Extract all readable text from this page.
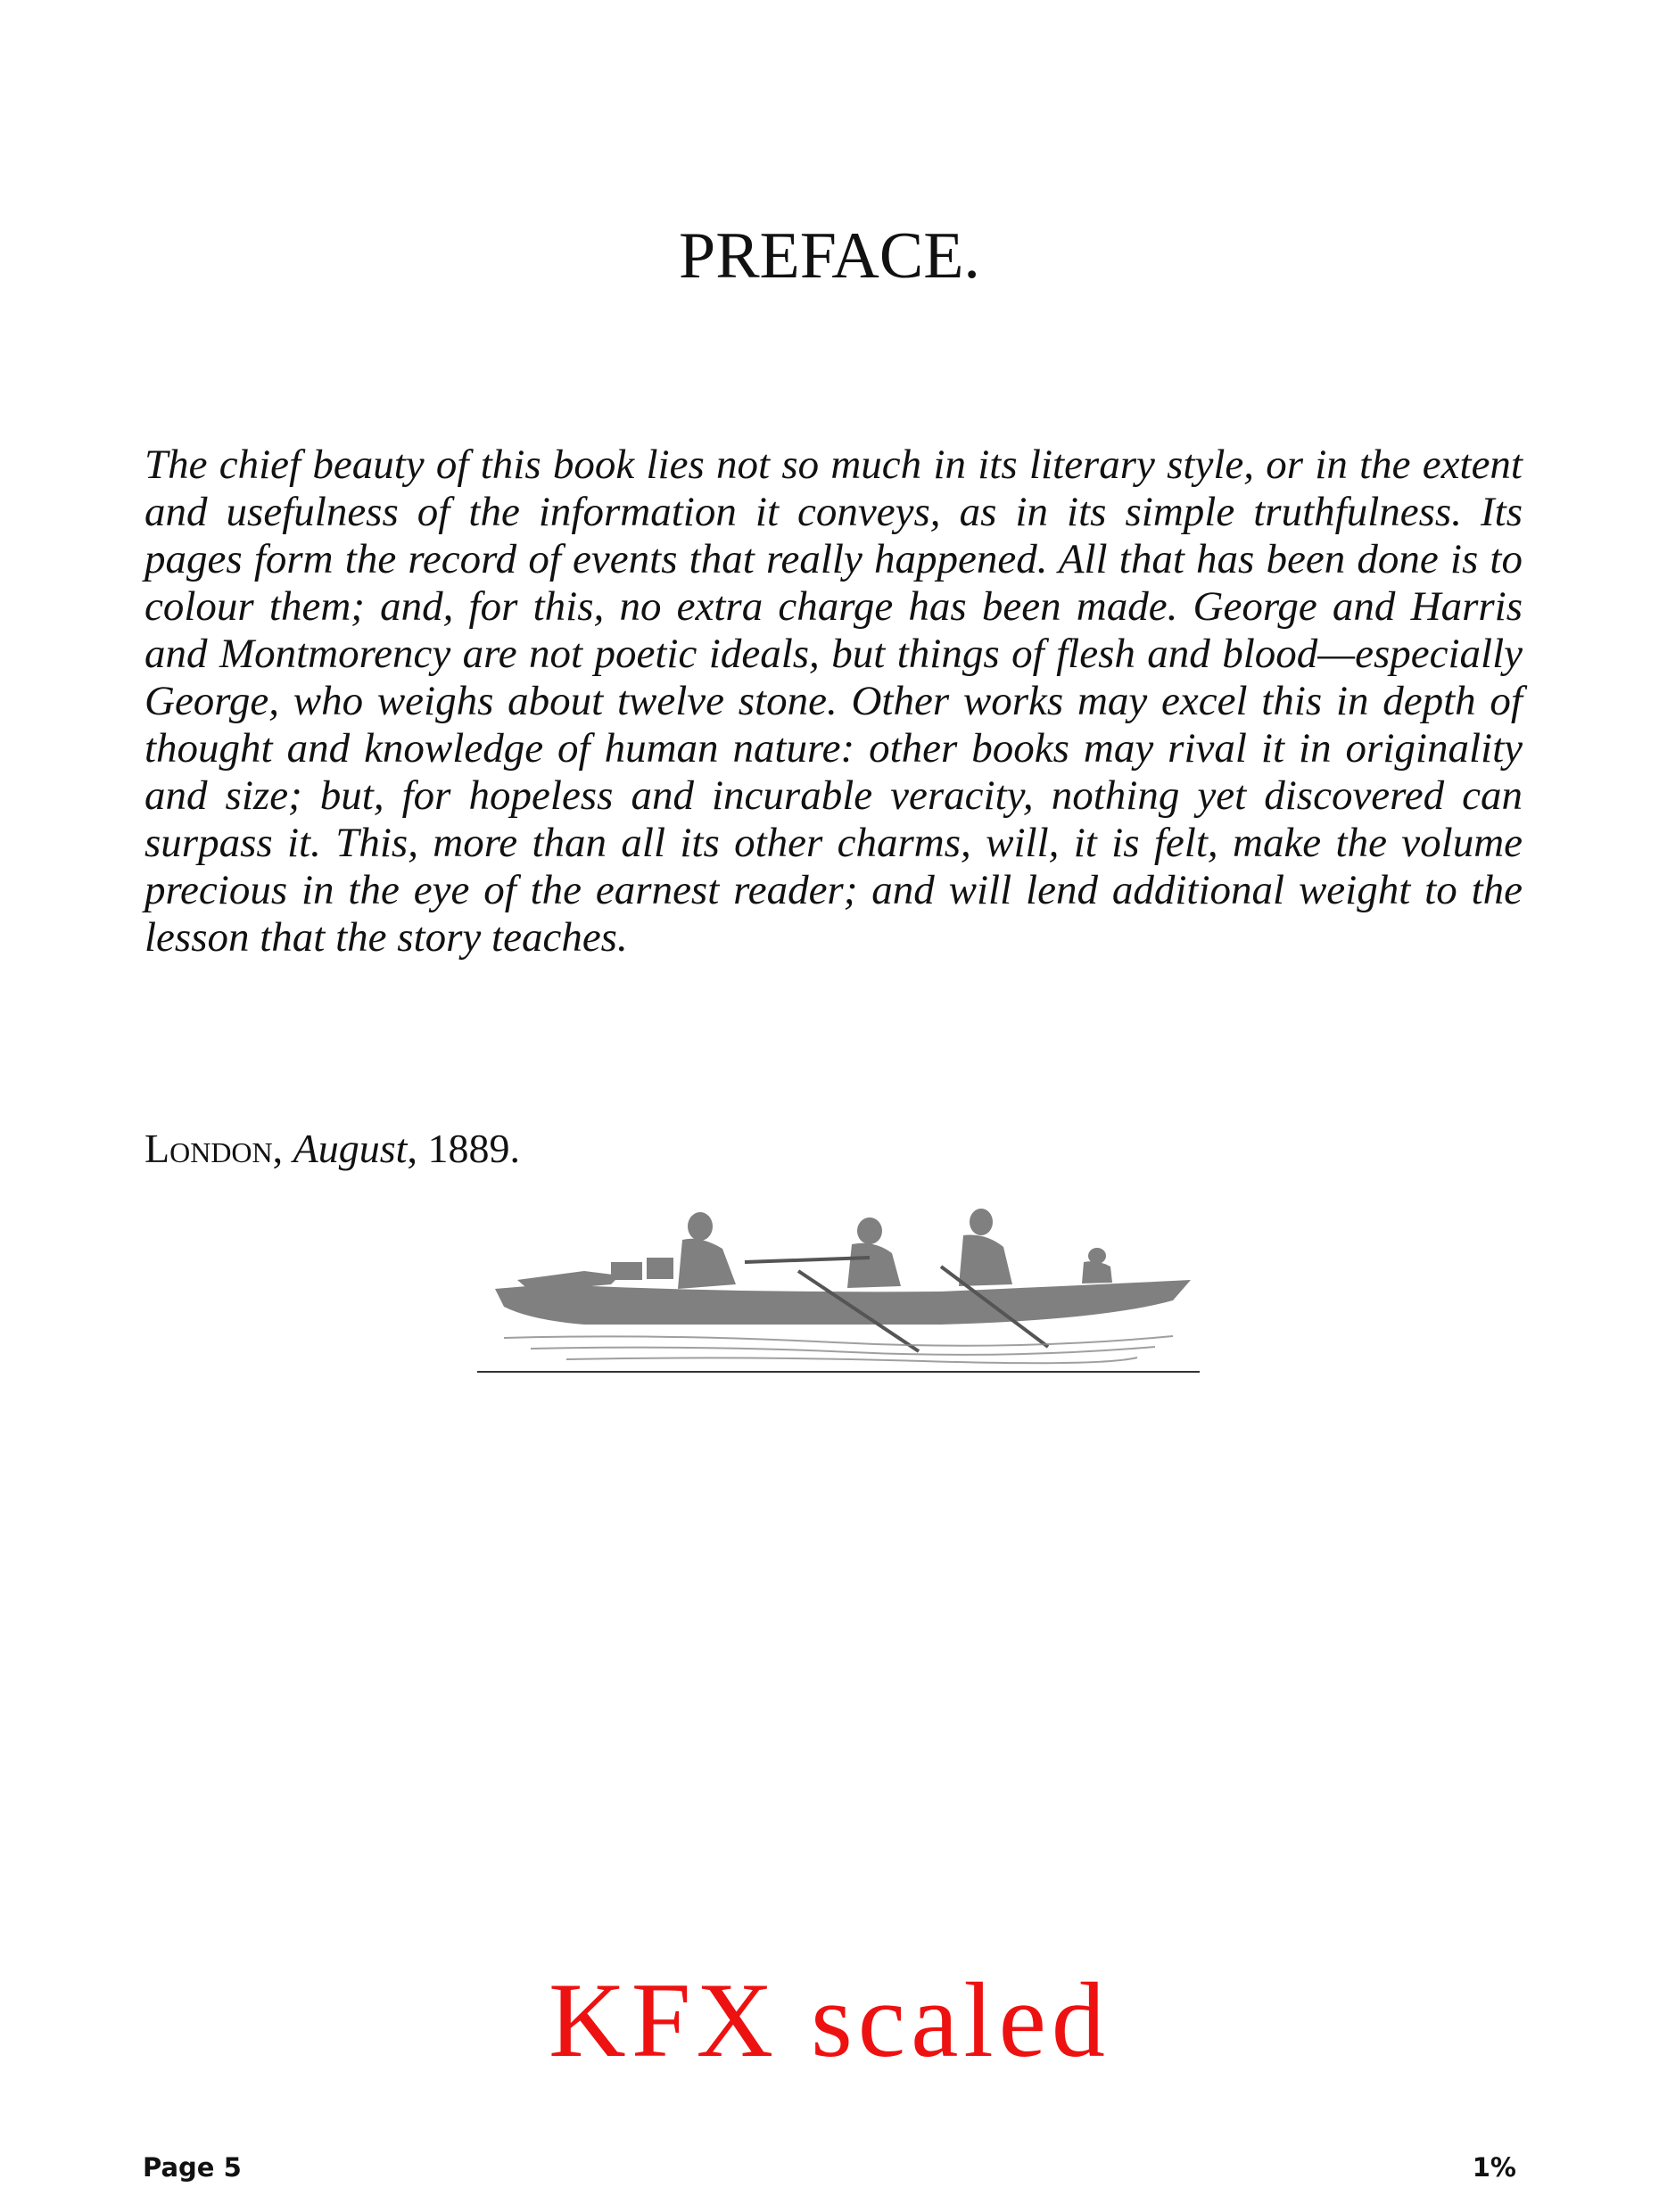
PREFACE.
The chief beauty of this book lies not so much in its literary style, or in the extent and usefulness of the information it conveys, as in its simple truthfulness. Its pages form the record of events that really happened. All that has been done is to colour them; and, for this, no extra charge has been made. George and Harris and Montmorency are not poetic ideals, but things of flesh and blood—especially George, who weighs about twelve stone. Other works may excel this in depth of thought and knowledge of human nature: other books may rival it in originality and size; but, for hopeless and incurable veracity, nothing yet discovered can surpass it. This, more than all its other charms, will, it is felt, make the volume precious in the eye of the earnest reader; and will lend additional weight to the lesson that the story teaches.
London, August, 1889.
KFX scaled
Page 5	1%
